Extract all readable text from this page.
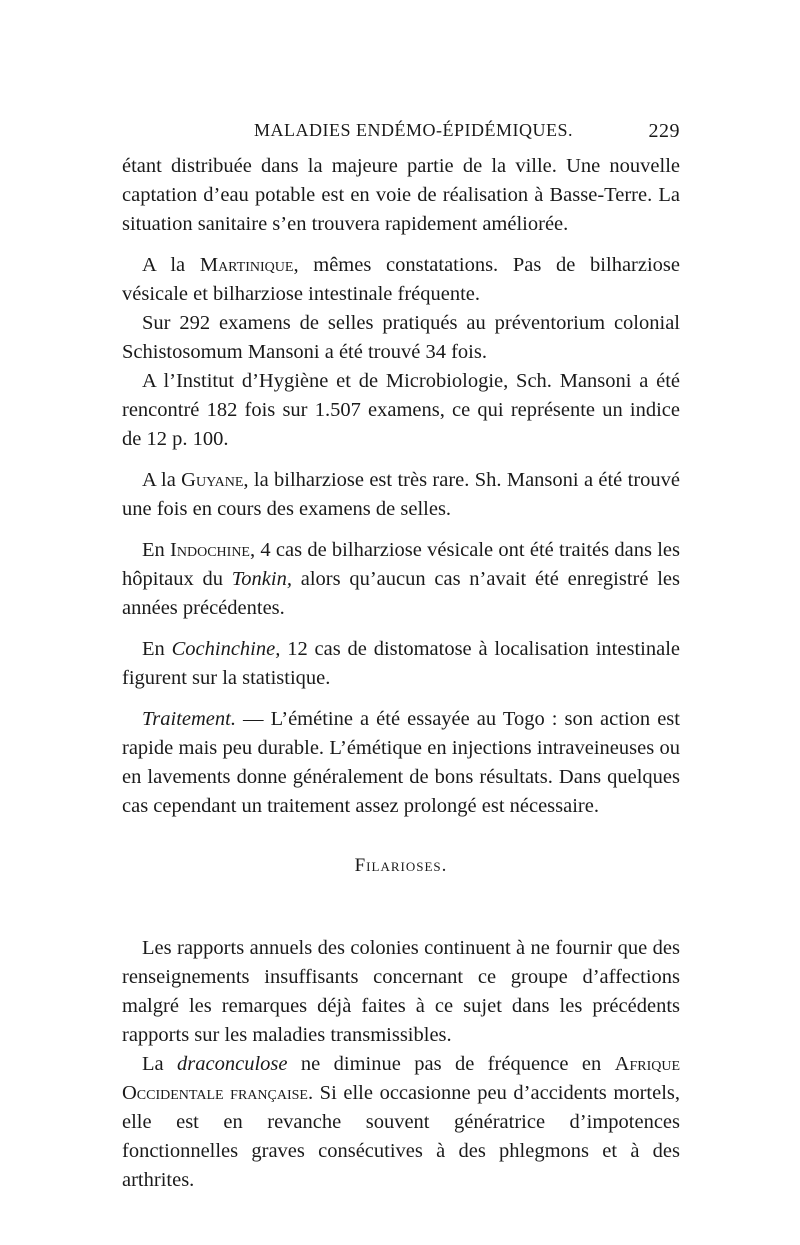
MALADIES ENDÉMO-ÉPIDÉMIQUES.	229

étant distribuée dans la majeure partie de la ville. Une nouvelle captation d’eau potable est en voie de réalisation à Basse-Terre. La situation sanitaire s’en trouvera rapidement améliorée.

A la Martinique, mêmes constatations. Pas de bilharziose vésicale et bilharziose intestinale fréquente.

Sur 292 examens de selles pratiqués au préventorium colonial Schistosomum Mansoni a été trouvé 34 fois.

A l’Institut d’Hygiène et de Microbiologie, Sch. Mansoni a été rencontré 182 fois sur 1.507 examens, ce qui représente un indice de 12 p. 100.

A la Guyane, la bilharziose est très rare. Sh. Mansoni a été trouvé une fois en cours des examens de selles.

En Indochine, 4 cas de bilharziose vésicale ont été traités dans les hôpitaux du Tonkin, alors qu’aucun cas n’avait été enregistré les années précédentes.

En Cochinchine, 12 cas de distomatose à localisation intestinale figurent sur la statistique.

Traitement. — L’émétine a été essayée au Togo : son action est rapide mais peu durable. L’émétique en injections intraveineuses ou en lavements donne généralement de bons résultats. Dans quelques cas cependant un traitement assez prolongé est nécessaire.

Filarioses.

Les rapports annuels des colonies continuent à ne fournir que des renseignements insuffisants concernant ce groupe d’affections malgré les remarques déjà faites à ce sujet dans les précédents rapports sur les maladies transmissibles.

La draconculose ne diminue pas de fréquence en Afrique Occidentale française. Si elle occasionne peu d’accidents mortels, elle est en revanche souvent génératrice d’impotences fonctionnelles graves consécutives à des phlegmons et à des arthrites.
